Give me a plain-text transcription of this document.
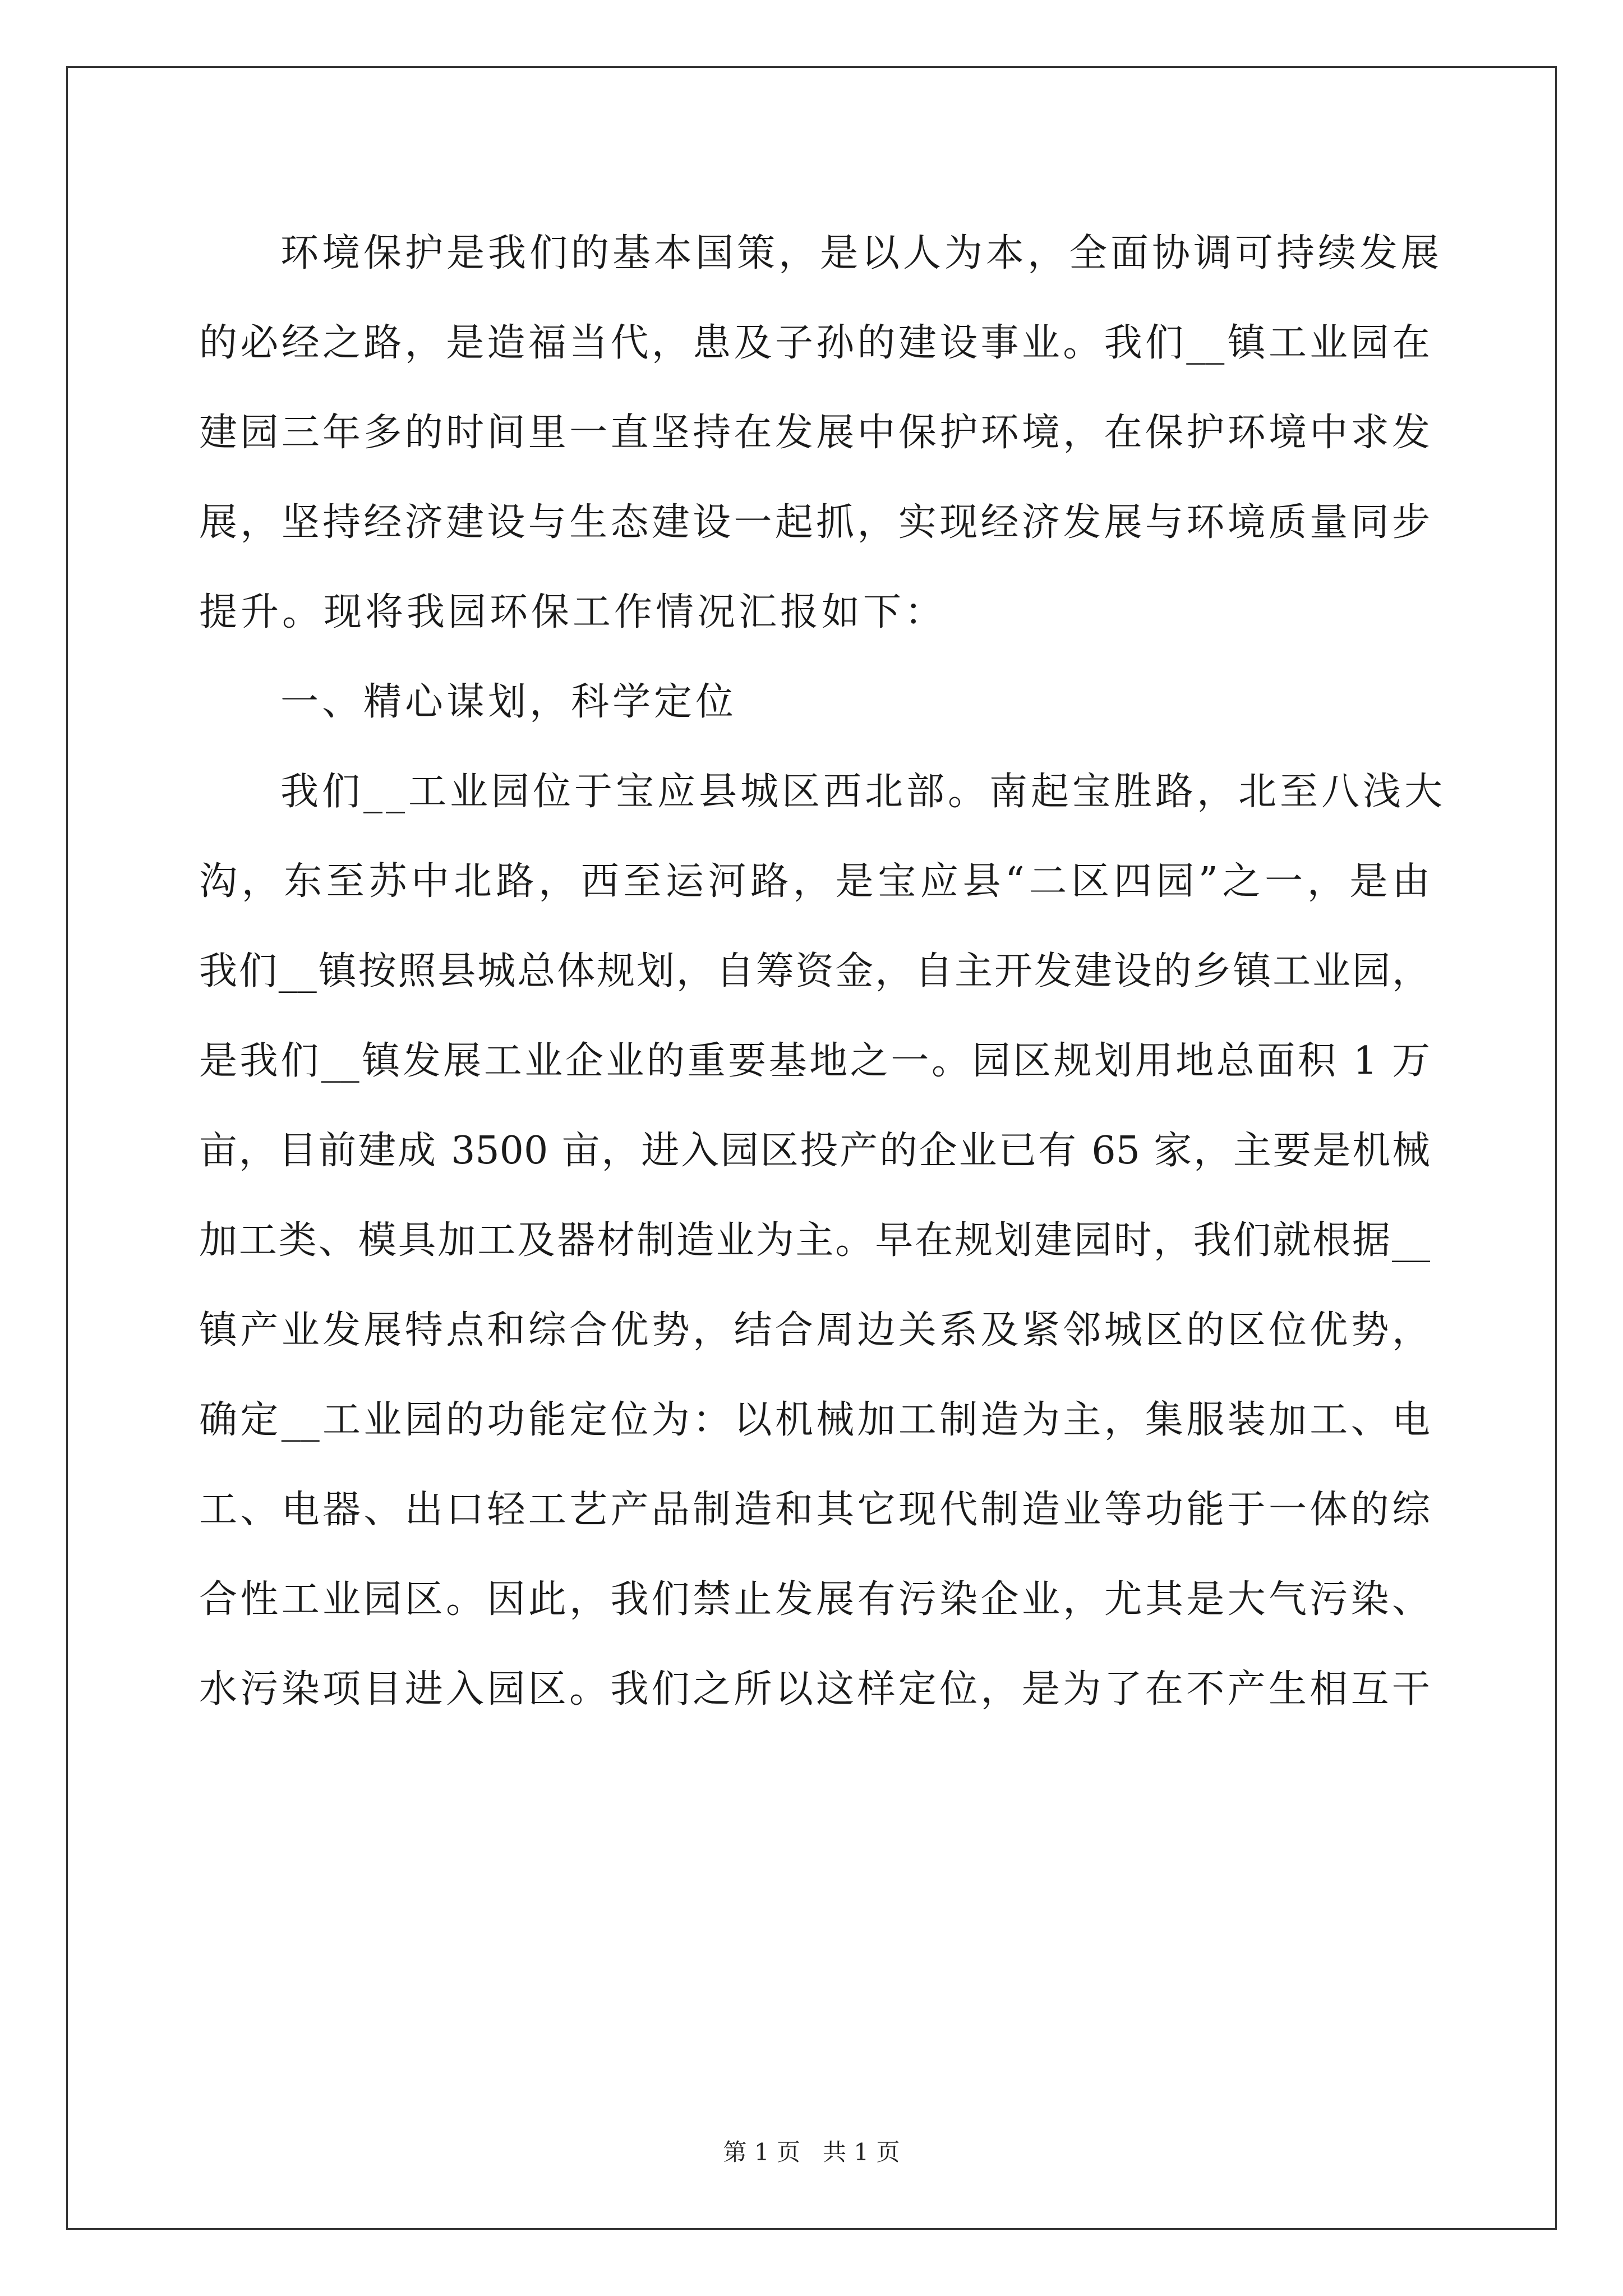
环境保护是我们的基本国策，是以人为本，全面协调可持续发展
的必经之路，是造福当代，患及子孙的建设事业。我们__镇工业园在
建园三年多的时间里一直坚持在发展中保护环境，在保护环境中求发
展，坚持经济建设与生态建设一起抓，实现经济发展与环境质量同步
提升。现将我园环保工作情况汇报如下：
一、精心谋划，科学定位
我们__工业园位于宝应县城区西北部。南起宝胜路，北至八浅大
沟，东至苏中北路，西至运河路，是宝应县“二区四园”之一，是由
我们__镇按照县城总体规划，自筹资金，自主开发建设的乡镇工业园，
是我们__镇发展工业企业的重要基地之一。园区规划用地总面积 1 万
亩，目前建成 3500 亩，进入园区投产的企业已有 65 家，主要是机械
加工类、模具加工及器材制造业为主。早在规划建园时，我们就根据__
镇产业发展特点和综合优势，结合周边关系及紧邻城区的区位优势，
确定__工业园的功能定位为：以机械加工制造为主，集服装加工、电
工、电器、出口轻工艺产品制造和其它现代制造业等功能于一体的综
合性工业园区。因此，我们禁止发展有污染企业，尤其是大气污染、
水污染项目进入园区。我们之所以这样定位，是为了在不产生相互干
第 1 页 共 1 页
